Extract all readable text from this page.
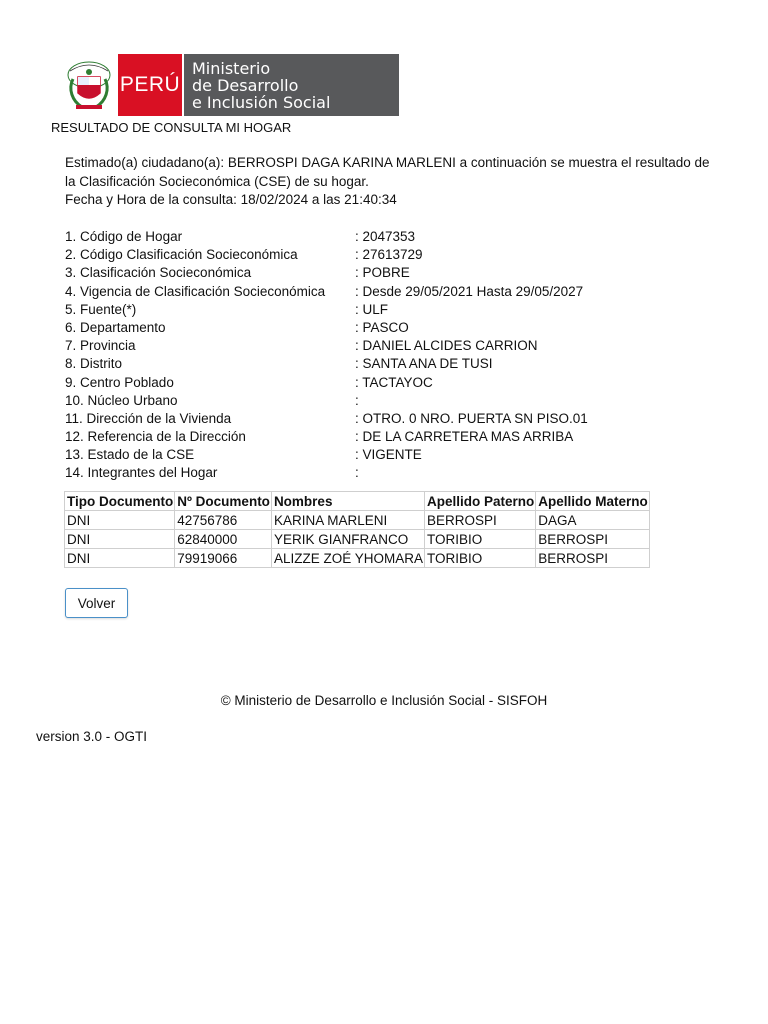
PERÚ
Ministerio
de Desarrollo
e Inclusión Social
RESULTADO DE CONSULTA MI HOGAR
Estimado(a) ciudadano(a): BERROSPI DAGA KARINA MARLENI a continuación se muestra el resultado de la Clasificación Socieconómica (CSE) de su hogar.
Fecha y Hora de la consulta: 18/02/2024 a las 21:40:34
1. Código de Hogar	: 2047353
2. Código Clasificación Socieconómica	: 27613729
3. Clasificación Socieconómica	: POBRE
4. Vigencia de Clasificación Socieconómica : Desde 29/05/2021 Hasta 29/05/2027
5. Fuente(*)	: ULF
6. Departamento	: PASCO
7. Provincia	: DANIEL ALCIDES CARRION
8. Distrito	: SANTA ANA DE TUSI
9. Centro Poblado	: TACTAYOC
10. Núcleo Urbano	:
11. Dirección de la Vivienda	: OTRO. 0 NRO. PUERTA SN PISO.01
12. Referencia de la Dirección	: DE LA CARRETERA MAS ARRIBA
13. Estado de la CSE	: VIGENTE
14. Integrantes del Hogar	:
Tipo Documento	Nº Documento	Nombres	Apellido Paterno	Apellido Materno
DNI	42756786	KARINA MARLENI	BERROSPI	DAGA
DNI	62840000	YERIK GIANFRANCO	TORIBIO	BERROSPI
DNI	79919066	ALIZZE ZOÉ YHOMARA	TORIBIO	BERROSPI
Volver
© Ministerio de Desarrollo e Inclusión Social - SISFOH
version 3.0 - OGTI
